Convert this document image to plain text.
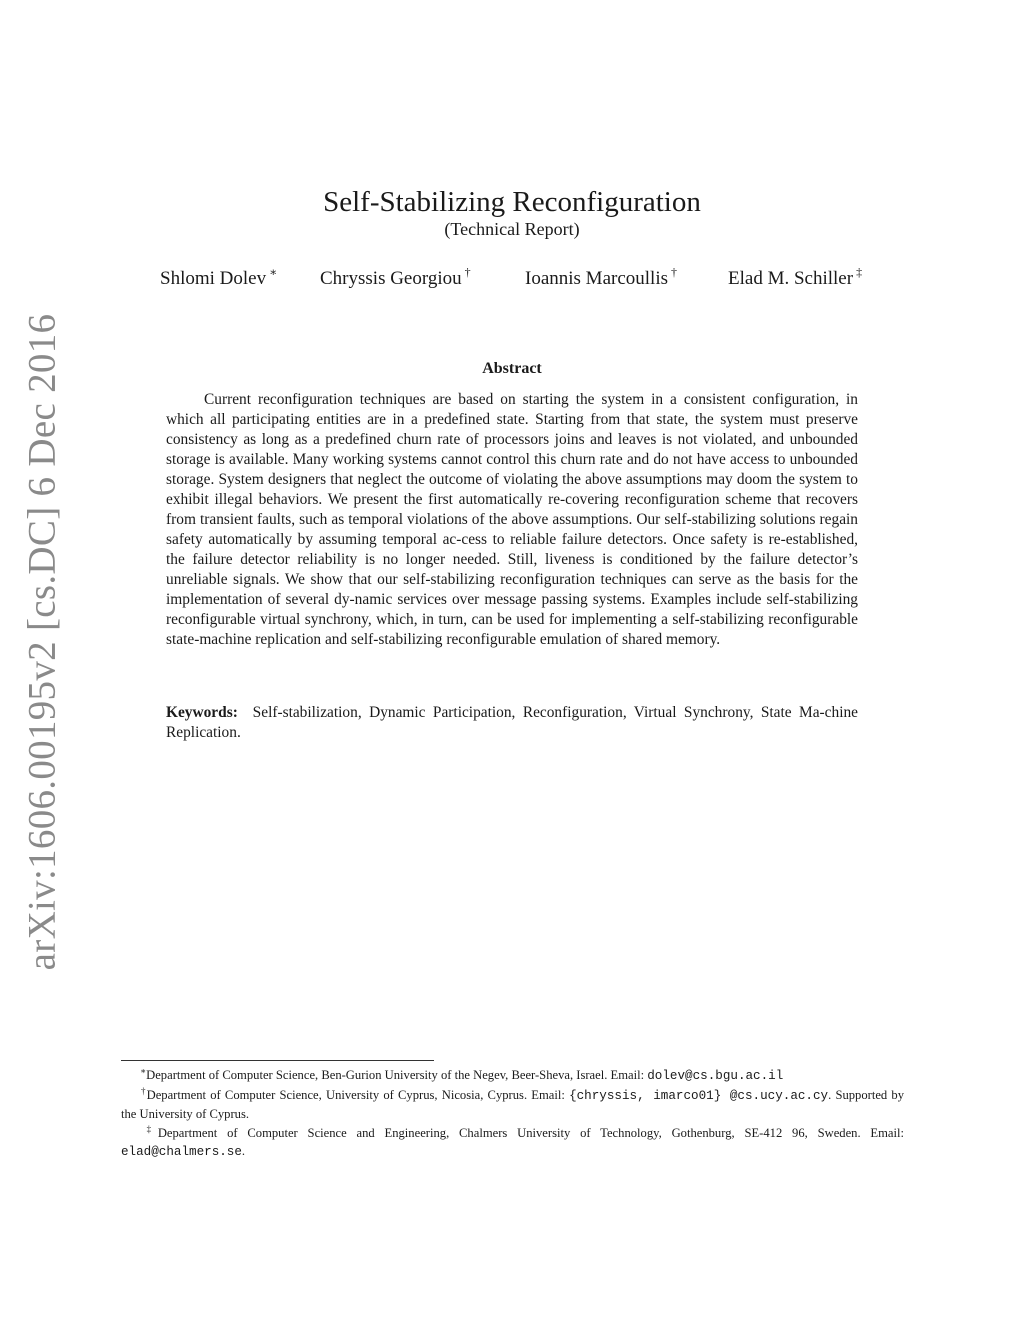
arXiv:1606.00195v2 [cs.DC] 6 Dec 2016
Self-Stabilizing Reconfiguration
(Technical Report)
Shlomi Dolev ∗ Chryssis Georgiou †	Ioannis Marcoullis †	Elad M. Schiller ‡
Abstract

Current reconfiguration techniques are based on starting the system in a consistent configuration, in which all participating entities are in a predefined state. Starting from that state, the system must preserve consistency as long as a predefined churn rate of processors joins and leaves is not violated, and unbounded storage is available. Many working systems cannot control this churn rate and do not have access to unbounded storage. System designers that neglect the outcome of violating the above assumptions may doom the system to exhibit illegal behaviors. We present the first automatically re-covering reconfiguration scheme that recovers from transient faults, such as temporal violations of the above assumptions. Our self-stabilizing solutions regain safety automatically by assuming temporal ac-cess to reliable failure detectors. Once safety is re-established, the failure detector reliability is no longer needed. Still, liveness is conditioned by the failure detector’s unreliable signals. We show that our self-stabilizing reconfiguration techniques can serve as the basis for the implementation of several dy-namic services over message passing systems. Examples include self-stabilizing reconfigurable virtual synchrony, which, in turn, can be used for implementing a self-stabilizing reconfigurable state-machine replication and self-stabilizing reconfigurable emulation of shared memory.

Keywords: Self-stabilization, Dynamic Participation, Reconfiguration, Virtual Synchrony, State Ma-chine Replication.

∗Department of Computer Science, Ben-Gurion University of the Negev, Beer-Sheva, Israel. Email: dolev@cs.bgu.ac.il

†Department of Computer Science, University of Cyprus, Nicosia, Cyprus. Email: {chryssis, imarco01} @cs.ucy.ac.cy. Supported by the University of Cyprus.

‡Department of Computer Science and Engineering, Chalmers University of Technology, Gothenburg, SE-412 96, Sweden. Email: elad@chalmers.se.
